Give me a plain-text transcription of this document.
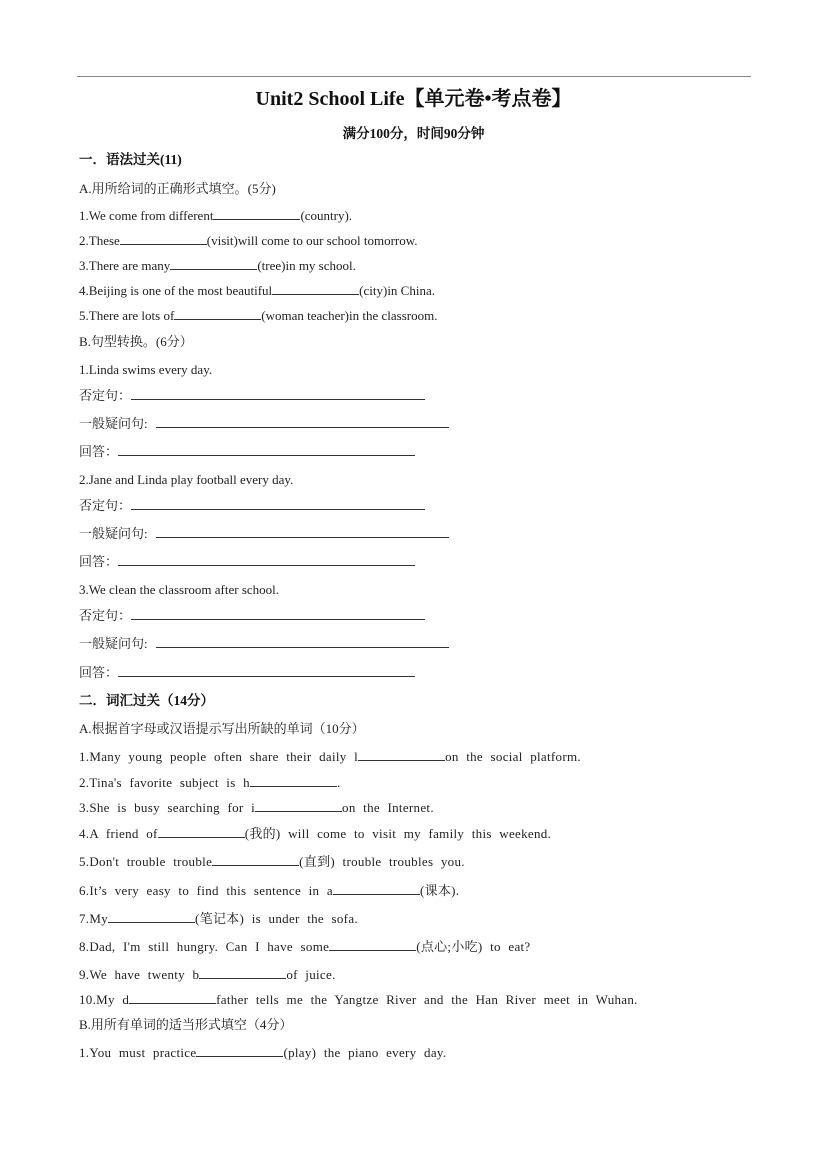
Unit2 School Life【单元卷•考点卷】
满分100分，时间90分钟
一．语法过关(11)
A.用所给词的正确形式填空。(5分)
1.We come from different	(country).
2.These	(visit)will come to our school tomorrow.
3.There are many	(tree)in my school.
4.Beijing is one of the most beautiful	(city)in China.
5.There are lots of	(woman teacher)in the classroom.
B.句型转换。(6分）
1.Linda swims every day.
否定句：
一般疑问句:
回答：
2.Jane and Linda play football every day.
否定句：
一般疑问句:
回答：
3.We clean the classroom after school.
否定句：
一般疑问句:
回答：
二．词汇过关（14分）
A.根据首字母或汉语提示写出所缺的单词（10分）
1.Many young people often share their daily l	on the social platform.
2.Tina's favorite subject is h	.
3.She is busy searching for i	on the Internet.
4.A friend of	(我的) will come to visit my family this weekend.
5.Don't trouble trouble	(直到) trouble troubles you.
6.It’s very easy to find this sentence in a	(课本).
7.My	(笔记本) is under the sofa.
8.Dad, I'm still hungry. Can I have some	(点心;小吃) to eat?
9.We have twenty b	of juice.
10.My d	father tells me the Yangtze River and the Han River meet in Wuhan.
B.用所有单词的适当形式填空（4分）
1.You must practice	(play) the piano every day.
